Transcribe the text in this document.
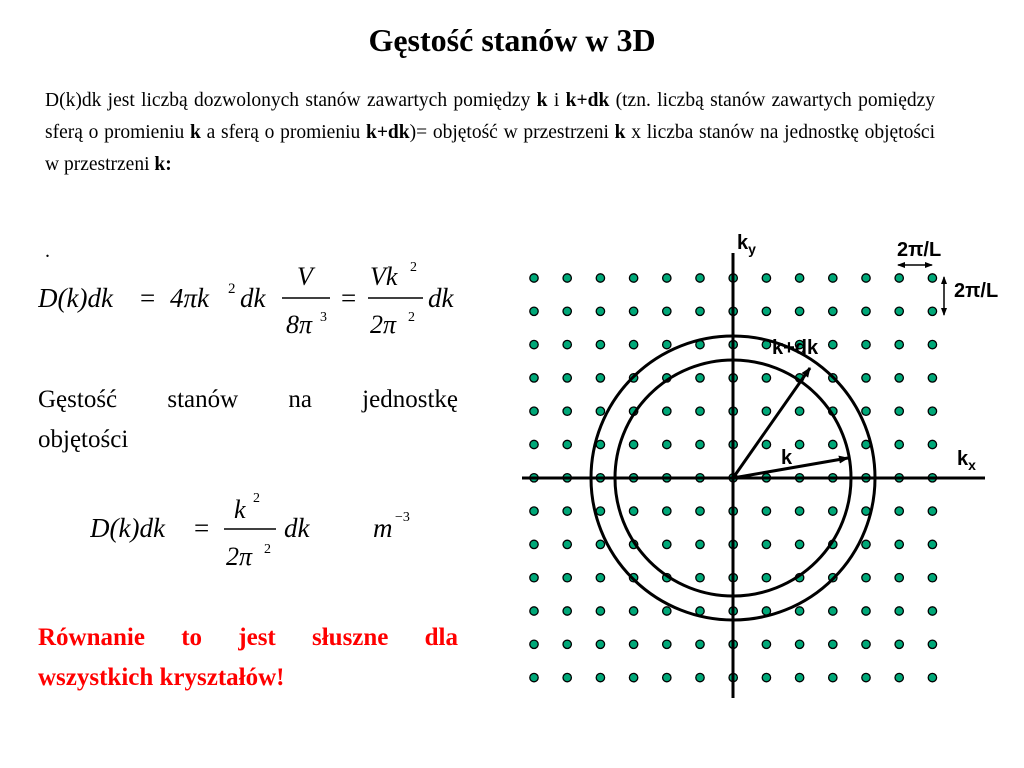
Gęstość stanów w 3D
D(k)dk jest liczbą dozwolonych stanów zawartych pomiędzy k i k+dk (tzn. liczbą stanów zawartych pomiędzy sferą o promieniu k a sferą o promieniu k+dk)= objętość w przestrzeni k x liczba stanów na jednostkę objętości w przestrzeni k:
.
D(k)dk = 4πk 2 dk
V
8π 3
=
Vk 2
2π 2
dk
Gęstość stanów na jednostkę
objętości
D(k)dk =
k 2
2π 2
dk m −3
Równanie to jest słuszne dla
wszystkich kryształów!
$k_y$
$k_x$
k+dk
k
2π/L
2π/L
